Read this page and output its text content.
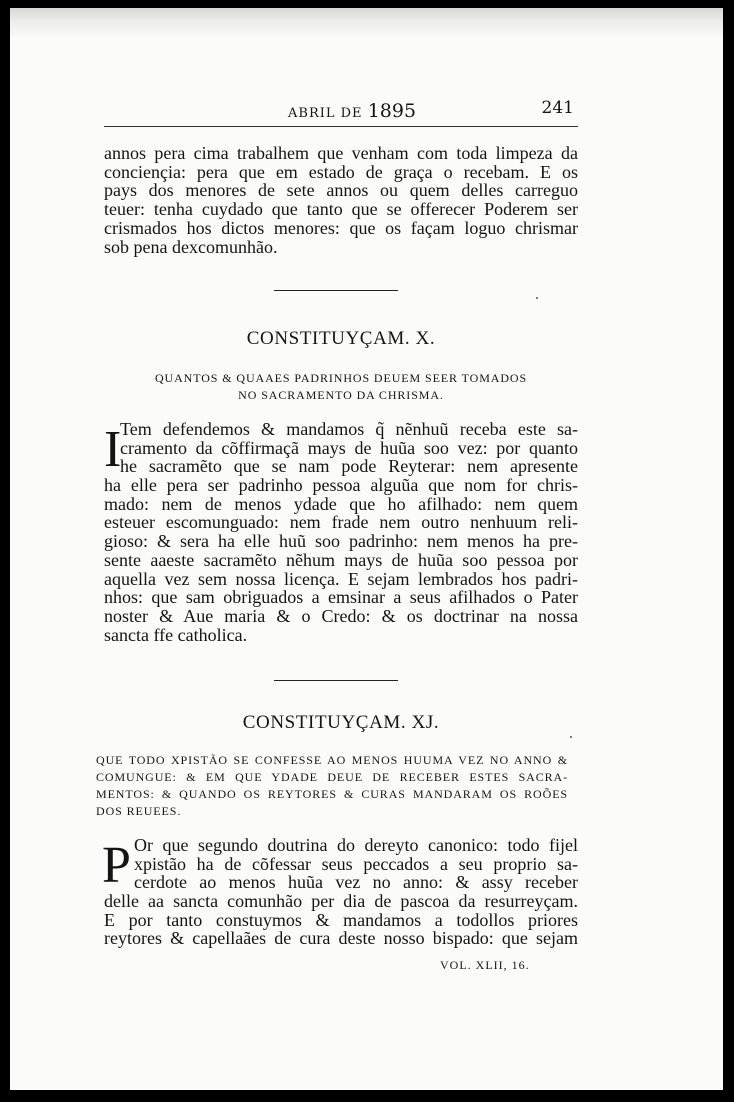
ABRIL DE 1895	241
annos pera cima trabalhem que venham com toda limpeza da
conciençia: pera que em estado de graça o recebam. E os
pays dos menores de sete annos ou quem delles carreguo
teuer: tenha cuydado que tanto que se offerecer Poderem ser
crismados hos dictos menores: que os façam loguo chrismar
sob pena dexcomunhão.
CONSTITUYÇAM. X.
QUANTOS & QUAAES PADRINHOS DEUEM SEER TOMADOS
NO SACRAMENTO DA CHRISMA.
I
Tem defendemos & mandamos q̃ nẽnhuũ receba este sa-
cramento da cõffirmaçã mays de huũa soo vez: por quanto
he sacramẽto que se nam pode Reyterar: nem apresente
ha elle pera ser padrinho pessoa alguũa que nom for chris-
mado: nem de menos ydade que ho afilhado: nem quem
esteuer escomunguado: nem frade nem outro nenhuum reli-
gioso: & sera ha elle huũ soo padrinho: nem menos ha pre-
sente aaeste sacramẽto nẽhum mays de huũa soo pessoa por
aquella vez sem nossa licença. E sejam lembrados hos padri-
nhos: que sam obriguados a emsinar a seus afilhados o Pater
noster & Aue maria & o Credo: & os doctrinar na nossa
sancta ffe catholica.
CONSTITUYÇAM. XJ.
QUE TODO XPISTÃO SE CONFESSE AO MENOS HUUMA VEZ NO ANNO &
COMUNGUE: & EM QUE YDADE DEUE DE RECEBER ESTES SACRA-
MENTOS: & QUANDO OS REYTORES & CURAS MANDARAM OS ROÕES
DOS REUEES.
P Or que segundo doutrina do dereyto canonico: todo fijel
xpistão ha de cõfessar seus peccados a seu proprio sa-
cerdote ao menos huũa vez no anno: & assy receber
delle aa sancta comunhão per dia de pascoa da resurreyçam.
E por tanto constuymos & mandamos a todollos priores
reytores & capellaães de cura deste nosso bispado: que sejam
VOL. XLII, 16.
